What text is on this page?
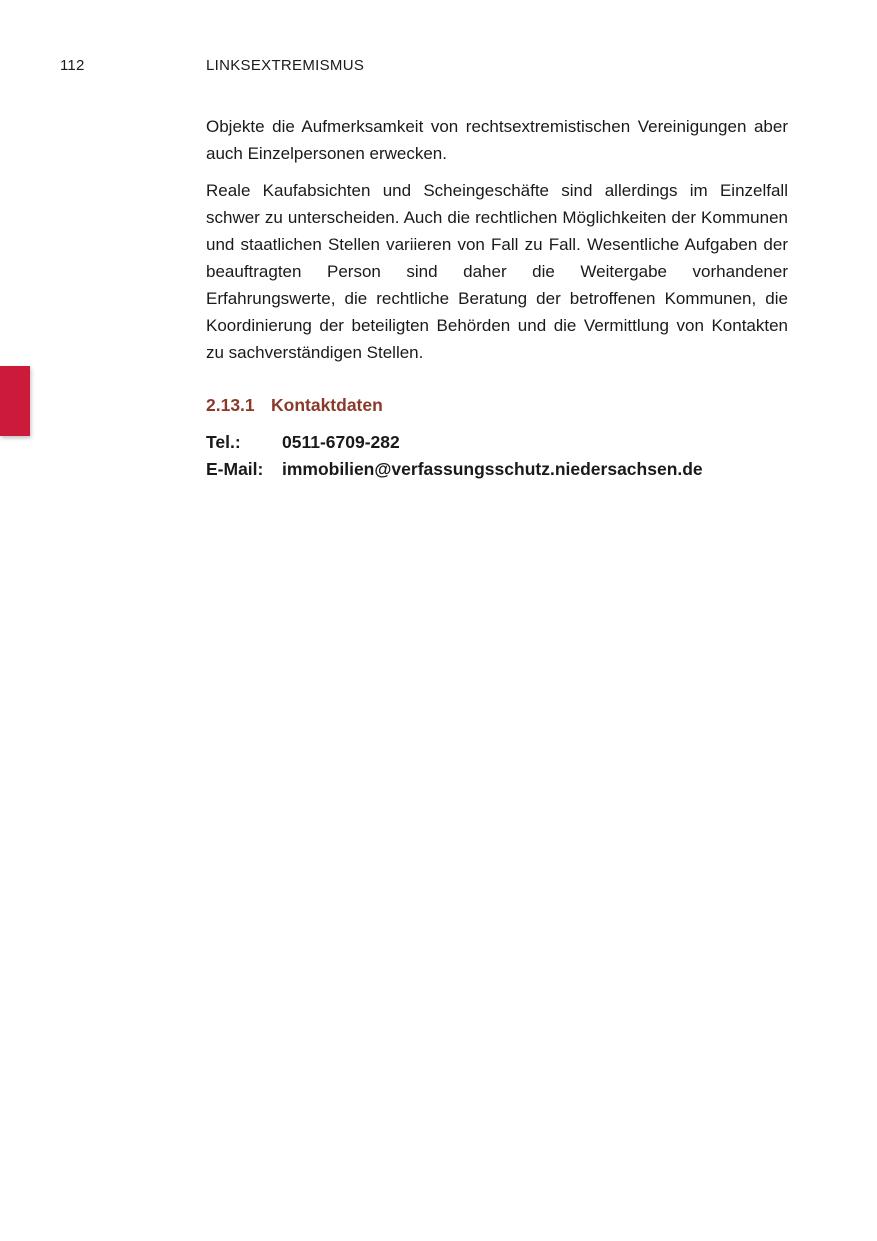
112	LINKSEXTREMISMUS

Objekte die Aufmerksamkeit von rechtsextremistischen Vereinigungen aber auch Einzelpersonen erwecken.

Reale Kaufabsichten und Scheingeschäfte sind allerdings im Einzelfall schwer zu unterscheiden. Auch die rechtlichen Möglichkeiten der Kommunen und staatlichen Stellen variieren von Fall zu Fall. Wesentliche Aufgaben der beauftragten Person sind daher die Weitergabe vorhandener Erfahrungswerte, die rechtliche Beratung der betroffenen Kommunen, die Koordinierung der beteiligten Behörden und die Vermittlung von Kontakten zu sachverständigen Stellen.

2.13.1 Kontaktdaten
Tel.:	0511-6709-282
E-Mail:	immobilien@verfassungsschutz.niedersachsen.de
